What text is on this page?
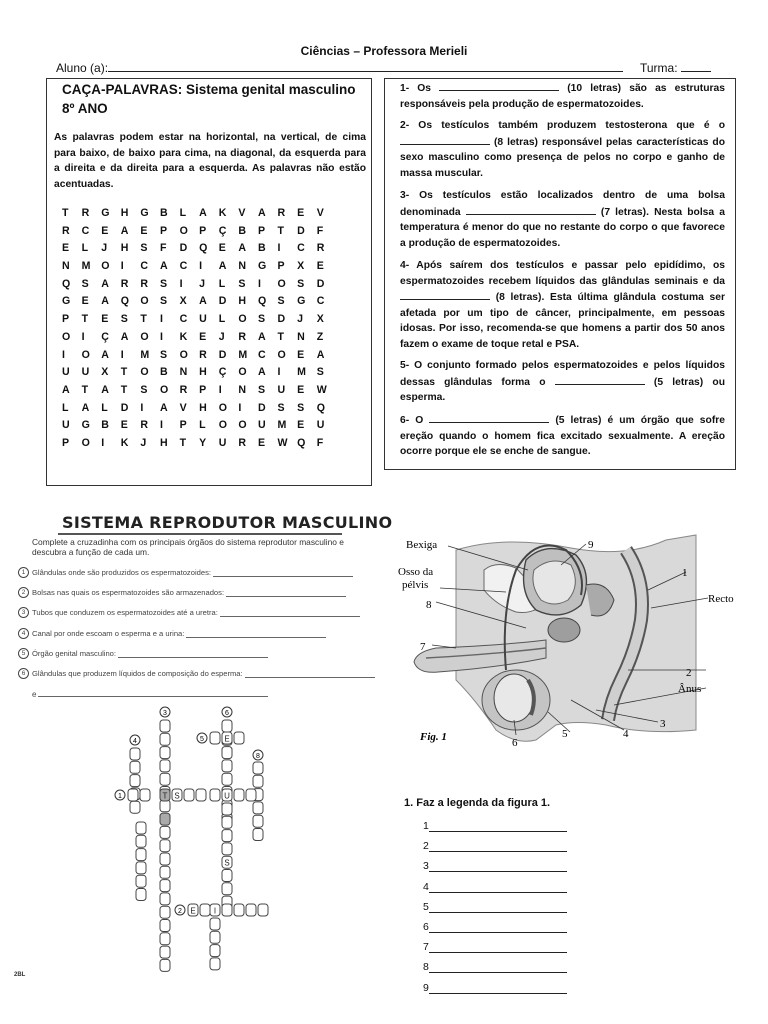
Ciências – Professora Merieli
Aluno (a):	Turma:
CAÇA-PALAVRAS: Sistema genital masculino
8º ANO
As palavras podem estar na horizontal, na vertical, de cima para baixo, de baixo para cima, na diagonal, da esquerda para a direita e da direita para a esquerda. As palavras não estão acentuadas.
T	R	G	H	G	B	L	A	K	V	A	R	E	V
R	C	E	A	E	P	O	P	Ç	B	P	T	D	F
E	L	J	H	S	F	D	Q	E	A	B	I	C	R
N	M	O	I	C	A	C	I	A	N	G	P	X	E
Q	S	A	R	R	S	I	J	L	S	I	O	S	D
G	E	A	Q	O	S	X	A	D	H	Q	S	G	C
P	T	E	S	T	I	C	U	L	O	S	D	J	X
O	I	Ç	A	O	I	K	E	J	R	A	T	N	Z
I	O	A	I	M	S	O	R	D	M	C	O	E	A
U	U	X	T	O	B	N	H	Ç	O	A	I	M	S
A	T	A	T	S	O	R	P	I	N	S	U	E	W
L	A	L	D	I	A	V	H	O	I	D	S	S	Q
U	G	B	E	R	I	P	L	O	O	U	M	E	U
P	O	I	K	J	H	T	Y	U	R	E	W Q	F
1- Os	(10 letras) são as estruturas responsáveis pela produção de espermatozoides.
2- Os testículos também produzem testosterona que é o  (8 letras) responsável pelas características do sexo masculino como presença de pelos no corpo e ganho de massa muscular.
3- Os testículos estão localizados dentro de uma bolsa denominada	(7 letras). Nesta bolsa a temperatura é menor do que no restante do corpo o que favorece a produção de espermatozoides.
4- Após saírem dos testículos e passar pelo epidídimo, os espermatozoides recebem líquidos das glândulas seminais e da  (8 letras). Esta última glândula costuma ser afetada por um tipo de câncer, principalmente, em pessoas idosas. Por isso, recomenda-se que homens a partir dos 50 anos fazem o exame de toque retal e PSA.
5- O conjunto formado pelos espermatozoides e pelos líquidos dessas glândulas forma o	(5 letras) ou esperma.
6- O	(5 letras) é um órgão que sofre ereção quando o homem fica excitado sexualmente. A ereção ocorre porque ele se enche de sangue.
SISTEMA REPRODUTOR MASCULINO
Complete a cruzadinha com os principais órgãos do sistema reprodutor masculino e descubra a função de cada um.
1 Glândulas onde são produzidos os espermatozoides:
2 Bolsas nas quais os espermatozoides são armazenados:
3 Tubos que conduzem os espermatozoides até a uretra:
4 Canal por onde escoam o esperma e a urina:
5 Órgão genital masculino:
6 Glândulas que produzem líquidos de composição do esperma:
e
3	6
4	5	E
8
1	T S	U
S
2 E I
2BL
Bexiga
Osso da
pélvis
Recto
Ânus
Fig. 1
1
2
3
4
5
6
7
8
9
1. Faz a legenda da figura 1.
1
2
3
4
5
6
7
8
9
